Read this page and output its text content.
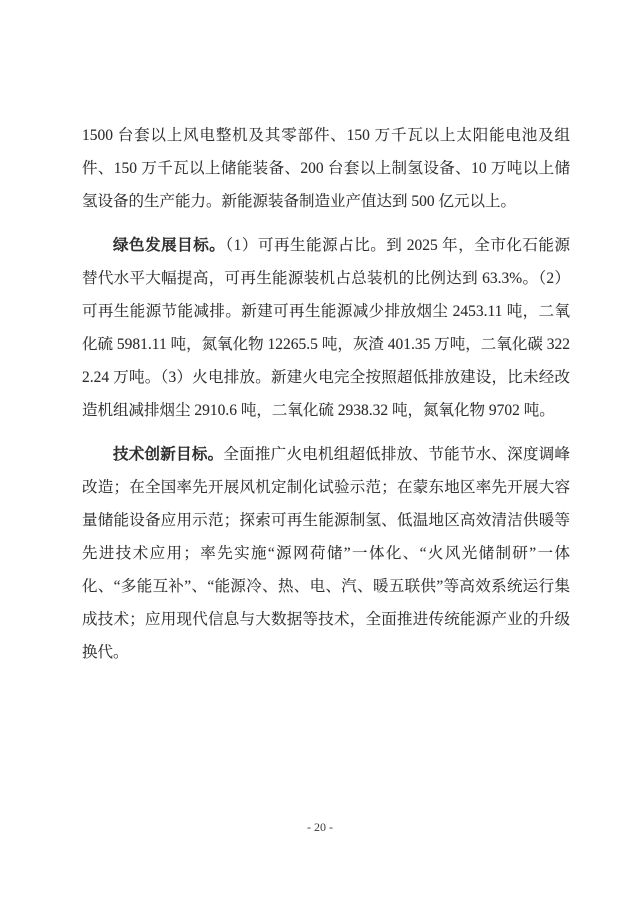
1500 台套以上风电整机及其零部件、150 万千瓦以上太阳能电池及组件、150 万千瓦以上储能装备、200 台套以上制氢设备、10 万吨以上储氢设备的生产能力。新能源装备制造业产值达到 500 亿元以上。

绿色发展目标。（1）可再生能源占比。到 2025 年，全市化石能源替代水平大幅提高，可再生能源装机占总装机的比例达到 63.3%。（2）可再生能源节能减排。新建可再生能源减少排放烟尘 2453.11 吨，二氧化硫 5981.11 吨，氮氧化物 12265.5 吨，灰渣 401.35 万吨，二氧化碳 3222.24 万吨。（3）火电排放。新建火电完全按照超低排放建设，比未经改造机组减排烟尘 2910.6 吨，二氧化硫 2938.32 吨，氮氧化物 9702 吨。

技术创新目标。全面推广火电机组超低排放、节能节水、深度调峰改造；在全国率先开展风机定制化试验示范；在蒙东地区率先开展大容量储能设备应用示范；探索可再生能源制氢、低温地区高效清洁供暖等先进技术应用；率先实施“源网荷储”一体化、“火风光储制研”一体化、“多能互补”、“能源冷、热、电、汽、暖五联供”等高效系统运行集成技术；应用现代信息与大数据等技术，全面推进传统能源产业的升级换代。

- 20 -
